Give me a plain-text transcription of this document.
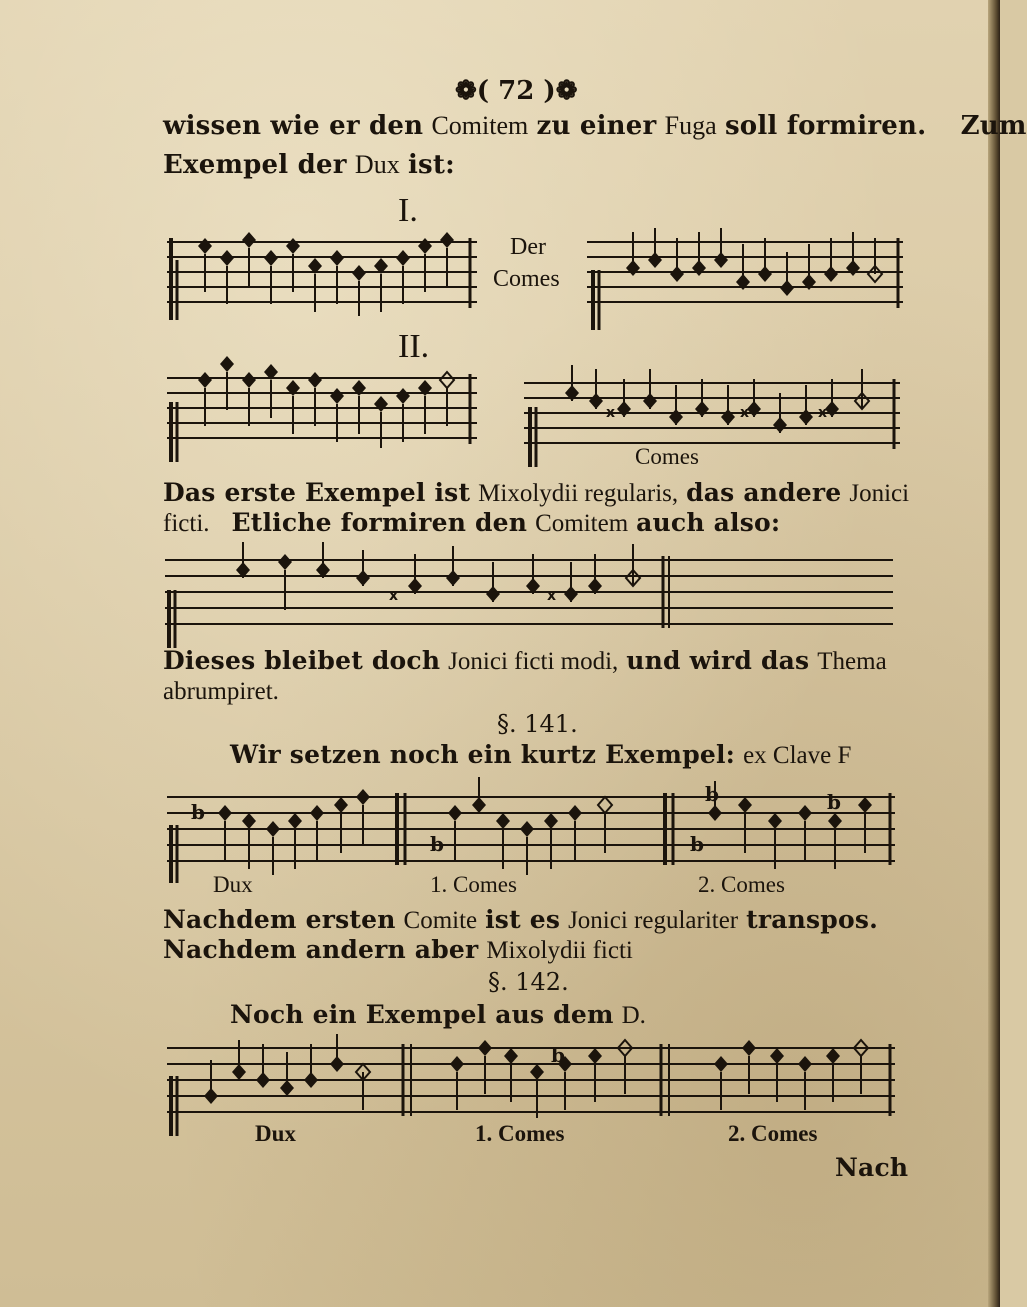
❁( 72 )❁
wissen wie er den Comitem zu einer Fuga soll formiren. Zum
Exempel der Dux ist:
I.
Der
Comes
II.
x	x	x
Comes
Das erste Exempel ist Mixolydii regularis, das andere Jonici
ficti. Etliche formiren den Comitem auch also:
x	x
Dieses bleibet doch Jonici ficti modi, und wird das Thema
abrumpiret.
§. 141.
Wir setzen noch ein kurtz Exempel: ex Clave F
b
b	b
b	b
Dux	1. Comes	2. Comes
Nachdem ersten Comite ist es Jonici regulariter transpos.
Nachdem andern aber Mixolydii ficti
§. 142.
Noch ein Exempel aus dem D.
b
Dux	1. Comes	2. Comes
Nach
